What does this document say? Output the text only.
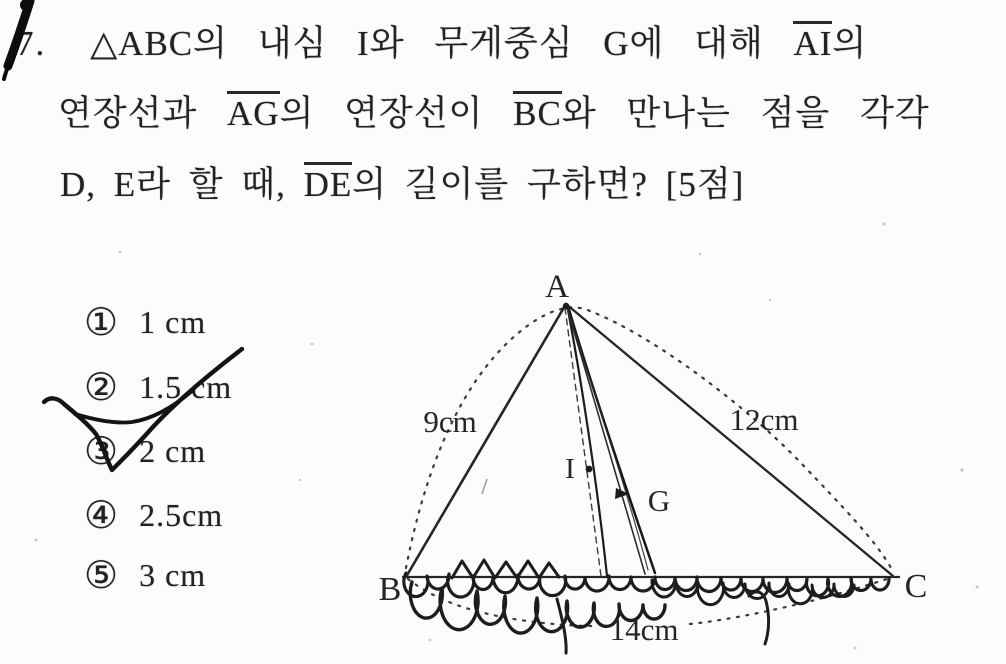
7. △ABC의 내심 I와 무게중심 G에 대해 AI의
연장선과 AG의 연장선이 BC와 만나는 점을 각각
D, E라 할 때, DE의 길이를 구하면? [5점]
① 1 cm
② 1.5 cm
③ 2 cm
④ 2.5cm
⑤ 3 cm
A
B	C
I
G
9cm	12cm
14cm
